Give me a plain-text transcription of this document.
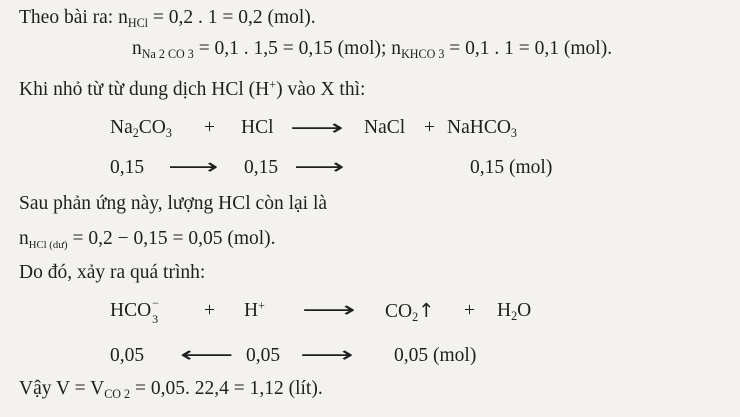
Theo bài ra: $n_{HCl} = 0,2$ . 1 = 0,2 (mol).
$n_{Na 2 CO 3} = 0,1$ . 1,5 = 0,15 (mol); $n_{KHCO 3} = 0,1$ . 1 = 0,1 (mol).
Khi nhỏ từ từ dung dịch HCl (H+) vào X thì:
$Na_2CO_3$ + HCl ⟶ NaCl + NaHCO$_3$
0,15 ⟶ 0,15 ⟶	0,15 (mol)
Sau phản ứng này, lượng HCl còn lại là
$n_{HCl (dư)} = 0,2 - 0,15 = 0,05$ (mol).
Do đó, xảy ra quá trình:
HCO −
3 + H+ ⟶ $CO_2↑ + H_2O$
0,05 ⟵ 0,05 ⟶ 0,05 (mol)
Vậy $V = V_{CO 2} = 0,05$. 22,4 = 1,12 (lít).
